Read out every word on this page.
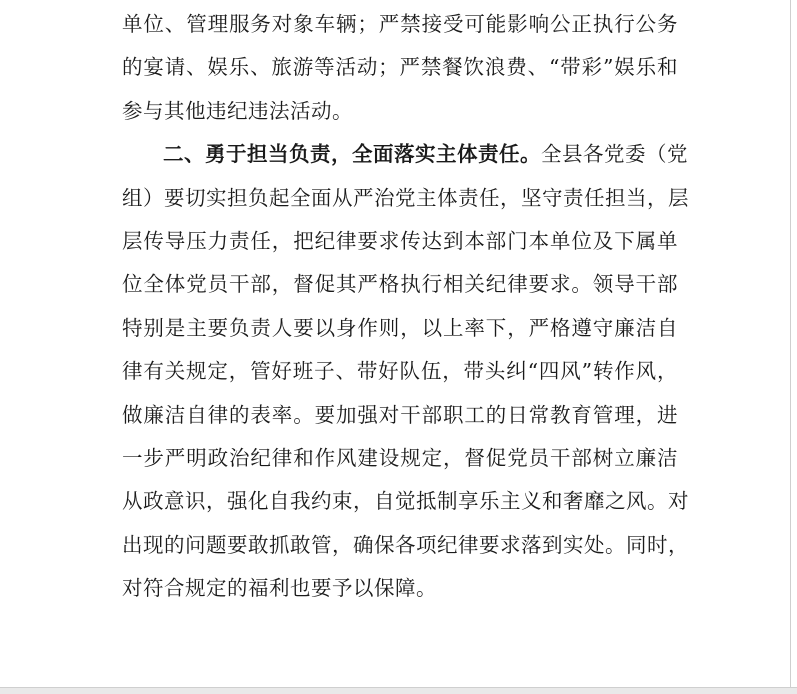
单位、管理服务对象车辆；严禁接受可能影响公正执行公务
的宴请、娱乐、旅游等活动；严禁餐饮浪费、“带彩”娱乐和
参与其他违纪违法活动。
二、勇于担当负责，全面落实主体责任。全县各党委（党
组）要切实担负起全面从严治党主体责任，坚守责任担当，层
层传导压力责任，把纪律要求传达到本部门本单位及下属单
位全体党员干部，督促其严格执行相关纪律要求。领导干部
特别是主要负责人要以身作则，以上率下，严格遵守廉洁自
律有关规定，管好班子、带好队伍，带头纠“四风”转作风，
做廉洁自律的表率。要加强对干部职工的日常教育管理，进
一步严明政治纪律和作风建设规定，督促党员干部树立廉洁
从政意识，强化自我约束，自觉抵制享乐主义和奢靡之风。对
出现的问题要敢抓敢管，确保各项纪律要求落到实处。同时，
对符合规定的福利也要予以保障。
